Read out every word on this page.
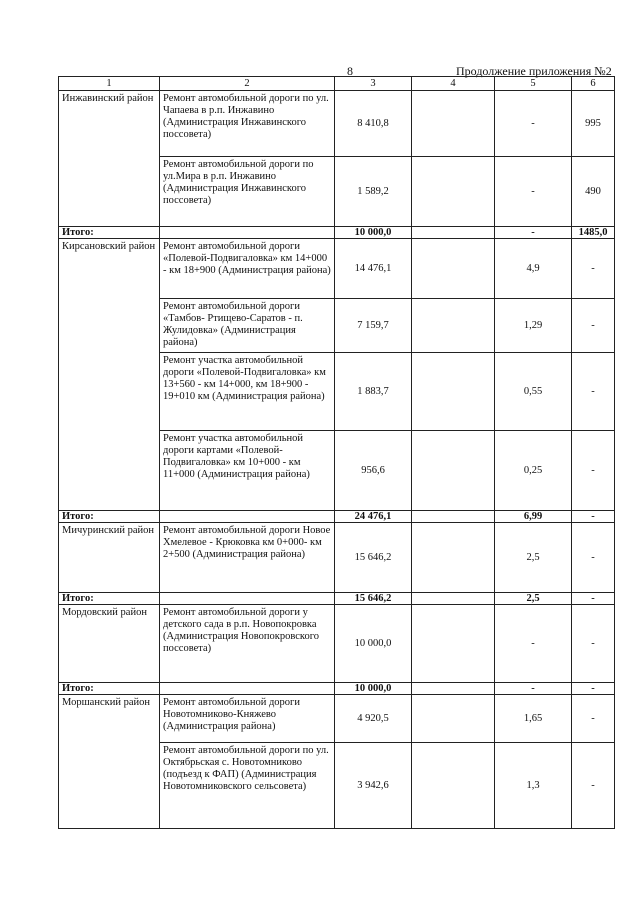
8	Продолжение приложения №2
1	2	3	4	5	6
Инжавинский район	Ремонт автомобильной дороги по ул. Чапаева в р.п. Инжавино (Администрация Инжавинского поссовета)	8 410,8		-	995
	Ремонт автомобильной дороги по ул.Мира в р.п. Инжавино (Администрация Инжавинского поссовета)	1 589,2		-	490
Итого:		10 000,0		-	1485,0
Кирсановский район	Ремонт автомобильной дороги «Полевой-Подвигаловка» км 14+000 - км 18+900 (Администрация района)	14 476,1		4,9	-
	Ремонт автомобильной дороги «Тамбов- Ртищево-Саратов - п. Жулидовка» (Администрация района)	7 159,7		1,29	-
	Ремонт участка автомобильной дороги «Полевой-Подвигаловка» км 13+560 - км 14+000, км 18+900 - 19+010 км (Администрация района)	1 883,7		0,55	-
	Ремонт участка автомобильной дороги картами «Полевой-Подвигаловка» км 10+000 - км 11+000 (Администрация района)	956,6		0,25	-
Итого:		24 476,1		6,99	-
Мичуринский район	Ремонт автомобильной дороги Новое Хмелевое - Крюковка км 0+000- км 2+500 (Администрация района)	15 646,2		2,5	-
Итого:		15 646,2		2,5	-
Мордовский район	Ремонт автомобильной дороги у детского сада в р.п. Новопокровка (Администрация Новопокровского поссовета)	10 000,0		-	-
Итого:		10 000,0		-	-
Моршанский район	Ремонт автомобильной дороги Новотомниково-Княжево (Администрация района)	4 920,5		1,65	-
	Ремонт автомобильной дороги по ул. Октябрьская с. Новотомниково (подъезд к ФАП) (Администрация Новотомниковского сельсовета)	3 942,6		1,3	-
